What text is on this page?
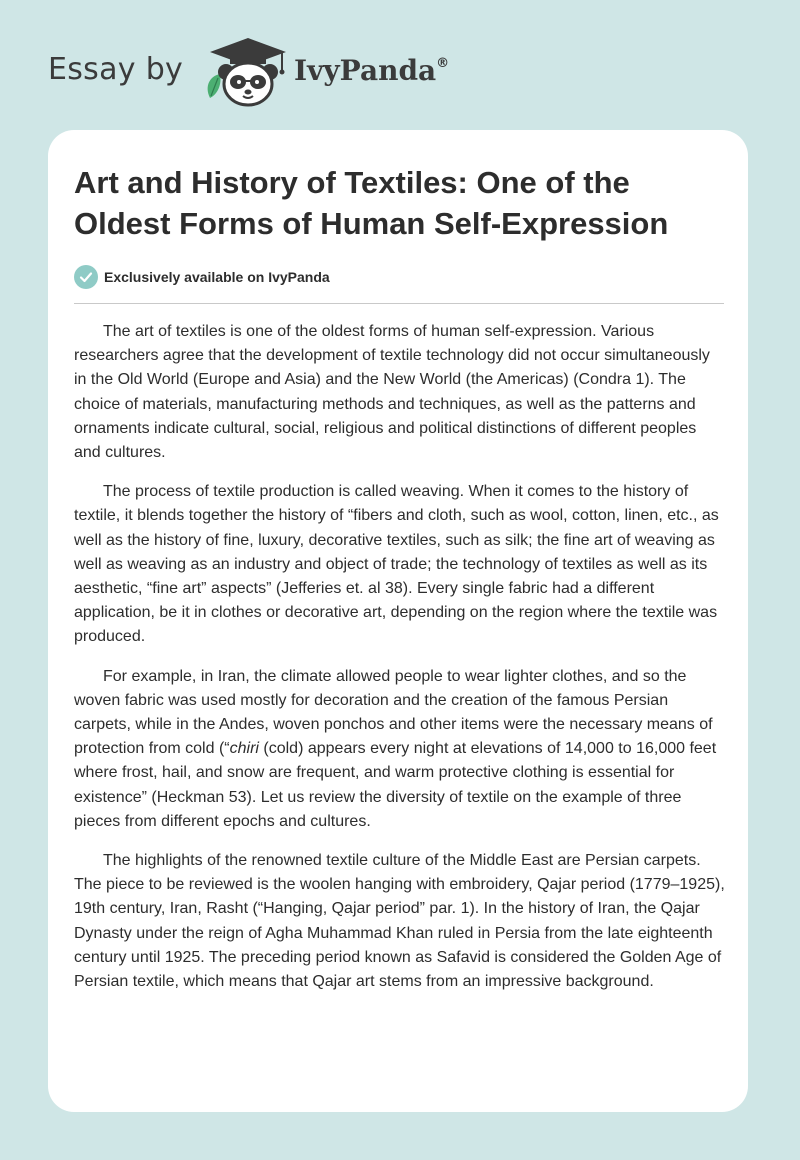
Essay by	IvyPanda®
Art and History of Textiles: One of the Oldest Forms of Human Self-Expression
Exclusively available on IvyPanda

The art of textiles is one of the oldest forms of human self-expression. Various researchers agree that the development of textile technology did not occur simultaneously in the Old World (Europe and Asia) and the New World (the Americas) (Condra 1). The choice of materials, manufacturing methods and techniques, as well as the patterns and ornaments indicate cultural, social, religious and political distinctions of different peoples and cultures.

The process of textile production is called weaving. When it comes to the history of textile, it blends together the history of “fibers and cloth, such as wool, cotton, linen, etc., as well as the history of fine, luxury, decorative textiles, such as silk; the fine art of weaving as well as weaving as an industry and object of trade; the technology of textiles as well as its aesthetic, “fine art” aspects” (Jefferies et. al 38). Every single fabric had a different application, be it in clothes or decorative art, depending on the region where the textile was produced.

For example, in Iran, the climate allowed people to wear lighter clothes, and so the woven fabric was used mostly for decoration and the creation of the famous Persian carpets, while in the Andes, woven ponchos and other items were the necessary means of protection from cold (“chiri (cold) appears every night at elevations of 14,000 to 16,000 feet where frost, hail, and snow are frequent, and warm protective clothing is essential for existence” (Heckman 53). Let us review the diversity of textile on the example of three pieces from different epochs and cultures.

The highlights of the renowned textile culture of the Middle East are Persian carpets. The piece to be reviewed is the woolen hanging with embroidery, Qajar period (1779–1925), 19th century, Iran, Rasht (“Hanging, Qajar period” par. 1). In the history of Iran, the Qajar Dynasty under the reign of Agha Muhammad Khan ruled in Persia from the late eighteenth century until 1925. The preceding period known as Safavid is considered the Golden Age of Persian textile, which means that Qajar art stems from an impressive background.
